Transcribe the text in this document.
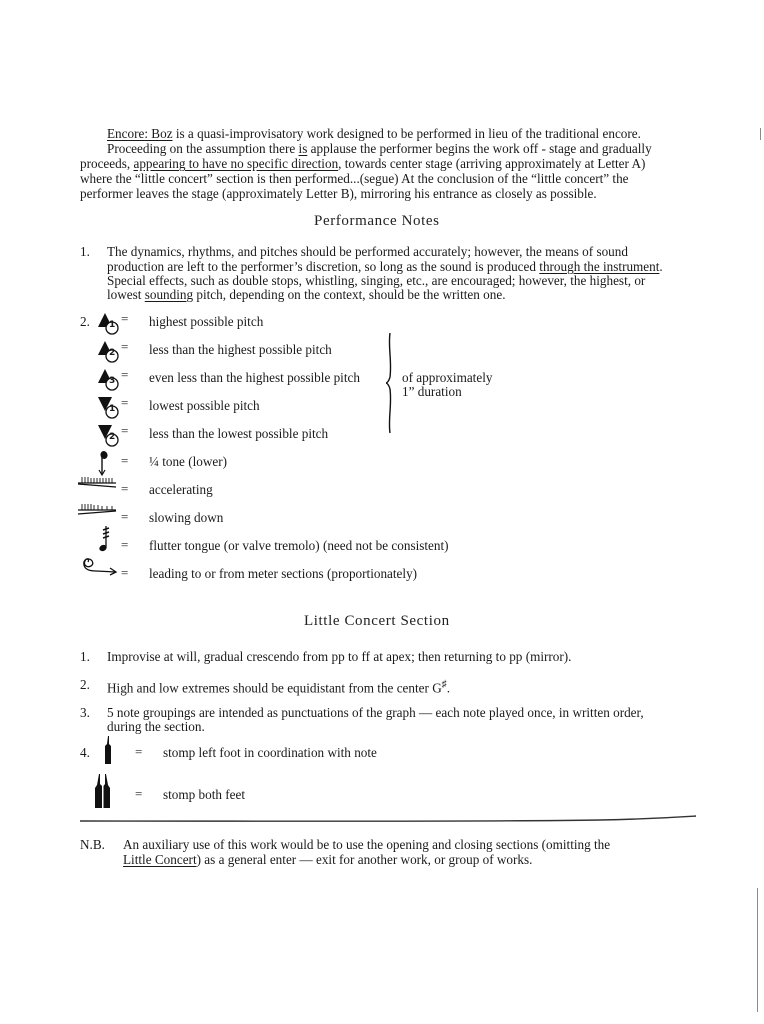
Encore: Boz is a quasi-improvisatory work designed to be performed in lieu of the traditional encore.
Proceeding on the assumption there is applause the performer begins the work off - stage and gradually
proceeds, appearing to have no specific direction, towards center stage (arriving approximately at Letter A)
where the “little concert” section is then performed...(segue) At the conclusion of the “little concert” the
performer leaves the stage (approximately Letter B), mirroring his entrance as closely as possible.
Performance Notes
1. The dynamics, rhythms, and pitches should be performed accurately; however, the means of sound
production are left to the performer’s discretion, so long as the sound is produced through the instrument.
Special effects, such as double stops, whistling, singing, etc., are encouraged; however, the highest, or
lowest sounding pitch, depending on the context, should be the written one.
2. 1 = highest possible pitch
2 = less than the highest possible pitch
3 = even less than the highest possible pitch
1 = lowest possible pitch
2 = less than the lowest possible pitch
of approximately
1” duration
= ¼ tone (lower)
= accelerating
= slowing down
= flutter tongue (or valve tremolo) (need not be consistent)
= leading to or from meter sections (proportionately)
Little Concert Section
1. Improvise at will, gradual crescendo from pp to ff at apex; then returning to pp (mirror).
2. High and low extremes should be equidistant from the center G♯.
3. 5 note groupings are intended as punctuations of the graph — each note played once, in written order,
during the section.
4.	= stomp left foot in coordination with note
= stomp both feet
N.B. An auxiliary use of this work would be to use the opening and closing sections (omitting the
Little Concert) as a general enter — exit for another work, or group of works.
